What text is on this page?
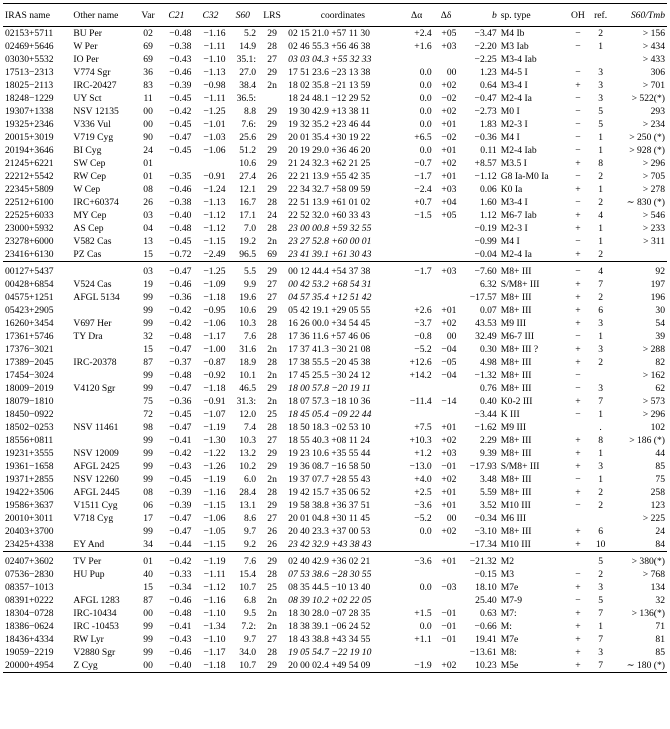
IRAS name	Other name	Var	C21	C32	S60	LRS	coordinates	Δα	Δδ	b	sp. type	OH	ref.	S60/Tmb
02153+5711	BU Per	02	−0.48	−1.16	5.2	29	02 15 21.0 +57 11 30	+2.4	+05	−3.47	M4 Ib	−	2	> 156
02469+5646	W Per	69	−0.38	−1.11	14.9	28	02 46 55.3 +56 46 38	+1.6	+03	−2.20	M3 Iab	−	1	> 434
03030+5532	IO Per	69	−0.43	−1.10	35.1:	27	03 03 04.3 +55 32 33			−2.25	M3-4 Iab			> 433
17513−2313	V774 Sgr	36	−0.46	−1.13	27.0	29	17 51 23.6 −23 13 38	0.0	00	1.23	M4-5 I	−	3	306
18025−2113	IRC-20427	83	−0.39	−0.98	38.4	2n	18 02 35.8 −21 13 59	0.0	+02	0.64	M3-4 I	+	3	> 701
18248−1229	UY Sct	11	−0.45	−1.11	36.5:		18 24 48.1 −12 29 52	0.0	−02	−0.47	M2-4 Ia	−	3	> 522(*)
19307+1338	NSV 12135	00	−0.42	−1.25	8.8	29	19 30 42.9 +13 38 11	0.0	+02	−2.73	M0 I	−	5	293
19325+2346	V336 Vul	00	−0.45	−1.01	7.6:	29	19 32 35.2 +23 46 44	0.0	+01	1.83	M2-3 I	−	5	> 234
20015+3019	V719 Cyg	90	−0.47	−1.03	25.6	29	20 01 35.4 +30 19 22	+6.5	−02	−0.36	M4 I	−	1	> 250 (*)
20194+3646	BI Cyg	24	−0.45	−1.06	51.2	29	20 19 29.0 +36 46 20	0.0	+01	0.11	M2-4 Iab	−	1	> 928 (*)
21245+6221	SW Cep	01			10.6	29	21 24 32.3 +62 21 25	−0.7	+02	+8.57	M3.5 I	+	8	> 296
22212+5542	RW Cep	01	−0.35	−0.91	27.4	26	22 21 13.9 +55 42 35	−1.7	+01	−1.12	G8 Ia-M0 Ia	−	2	> 705
22345+5809	W Cep	08	−0.46	−1.24	12.1	29	22 34 32.7 +58 09 59	−2.4	+03	0.06	K0 Ia	+	1	> 278
22512+6100	IRC+60374	26	−0.38	−1.13	16.7	28	22 51 13.9 +61 01 02	+0.7	+04	1.60	M3-4 I	−	2	∼ 830 (*)
22525+6033	MY Cep	03	−0.40	−1.12	17.1	24	22 52 32.0 +60 33 43	−1.5	+05	1.12	M6-7 Iab	+	4	> 546
23000+5932	AS Cep	04	−0.48	−1.12	7.0	28	23 00 00.8 +59 32 55			−0.19	M2-3 I	+	1	> 233
23278+6000	V582 Cas	13	−0.45	−1.15	19.2	2n	23 27 52.8 +60 00 01			−0.99	M4 I	−	1	> 311
23416+6130	PZ Cas	15	−0.72	−2.49	96.5	69	23 41 39.1 +61 30 43			−0.04	M2-4 Ia	+	2	
00127+5437		03	−0.47	−1.25	5.5	29	00 12 44.4 +54 37 38	−1.7	+03	−7.60	M8+ III	−	4	92
00428+6854	V524 Cas	19	−0.46	−1.09	9.9	27	00 42 53.2 +68 54 31			6.32	S/M8+ III	+	7	197
04575+1251	AFGL 5134	99	−0.36	−1.18	19.6	27	04 57 35.4 +12 51 42			−17.57	M8+ III	+	2	196
05423+2905		99	−0.42	−0.95	10.6	29	05 42 19.1 +29 05 55	+2.6	+01	0.07	M8+ III	+	6	30
16260+3454	V697 Her	99	−0.42	−1.06	10.3	28	16 26 00.0 +34 54 45	−3.7	+02	43.53	M9 III	+	3	54
17361+5746	TY Dra	32	−0.48	−1.17	7.6	28	17 36 11.6 +57 46 06	−0.8	00	32.49	M6-7 III	−	1	39
17376−3021		15	−0.47	−1.00	31.6	2n	17 37 41.3 −30 21 08	−5.2	−04	0.30	M8+ III ?	+	3	> 288
17389−2045	IRC-20378	87	−0.37	−0.87	18.9	28	17 38 55.5 −20 45 38	+12.6	−05	4.98	M8+ III	+	2	82
17454−3024		99	−0.48	−0.92	10.1	2n	17 45 25.5 −30 24 12	+14.2	−04	−1.32	M8+ III	−		> 162
18009−2019	V4120 Sgr	99	−0.47	−1.18	46.5	29	18 00 57.8 −20 19 11			0.76	M8+ III	−	3	62
18079−1810		75	−0.36	−0.91	31.3:	2n	18 07 57.3 −18 10 36	−11.4	−14	0.40	K0-2 III	+	7	> 573
18450−0922		72	−0.45	−1.07	12.0	25	18 45 05.4 −09 22 44			−3.44	K III	−	1	> 296
18502−0253	NSV 11461	98	−0.47	−1.19	7.4	28	18 50 18.3 −02 53 10	+7.5	+01	−1.62	M9 III		.	102
18556+0811		99	−0.41	−1.30	10.3	27	18 55 40.3 +08 11 24	+10.3	+02	2.29	M8+ III	+	8	> 186 (*)
19231+3555	NSV 12009	99	−0.42	−1.22	13.2	29	19 23 10.6 +35 55 44	+1.2	+03	9.39	M8+ III	+	1	44
19361−1658	AFGL 2425	99	−0.43	−1.26	10.2	29	19 36 08.7 −16 58 50	−13.0	−01	−17.93	S/M8+ III	+	3	85
19371+2855	NSV 12260	99	−0.45	−1.19	6.0	2n	19 37 07.7 +28 55 43	+4.0	+02	3.48	M8+ III	−	1	75
19422+3506	AFGL 2445	08	−0.39	−1.16	28.4	28	19 42 15.7 +35 06 52	+2.5	+01	5.59	M8+ III	+	2	258
19586+3637	V1511 Cyg	06	−0.39	−1.15	13.1	29	19 58 38.8 +36 37 51	−3.6	+01	3.52	M10 III	−	2	123
20010+3011	V718 Cyg	17	−0.47	−1.06	8.6	27	20 01 04.8 +30 11 45	−5.2	00	−0.34	M6 III			> 225
20403+3700		99	−0.47	−1.05	9.7	26	20 40 23.3 +37 00 53	0.0	+02	−3.10	M8+ III	+	6	24
23425+4338	EY And	34	−0.44	−1.15	9.2	26	23 42 32.9 +43 38 43			−17.34	M10 III	+	10	84
02407+3602	TV Per	01	−0.42	−1.19	7.6	29	02 40 42.9 +36 02 21	−3.6	+01	−21.32	M2		5	> 380(*)
07536−2830	HU Pup	40	−0.33	−1.11	15.4	28	07 53 38.6 −28 30 55			−0.15	M3	−	2	> 768
08357−1013		15	−0.34	−1.12	10.7	25	08 35 44.5 −10 13 40	0.0	−03	18.10	M7e	+	3	134
08391+0222	AFGL 1283	87	−0.46	−1.16	6.8	2n	08 39 10.2 +02 22 05			25.40	M7-9	−	5	32
18304−0728	IRC-10434	00	−0.48	−1.10	9.5	2n	18 30 28.0 −07 28 35	+1.5	−01	0.63	M7:	+	7	> 136(*)
18386−0624	IRC -10453	99	−0.41	−1.34	7.2:	2n	18 38 39.1 −06 24 52	0.0	−01	−0.66	M:	+	1	71
18436+4334	RW Lyr	99	−0.43	−1.10	9.7	27	18 43 38.8 +43 34 55	+1.1	−01	19.41	M7e	+	7	81
19059−2219	V2880 Sgr	99	−0.46	−1.17	34.0	28	19 05 54.7 −22 19 10			−13.61	M8:	+	3	85
20000+4954	Z Cyg	00	−0.40	−1.18	10.7	29	20 00 02.4 +49 54 09	−1.9	+02	10.23	M5e	+	7	∼ 180 (*)
